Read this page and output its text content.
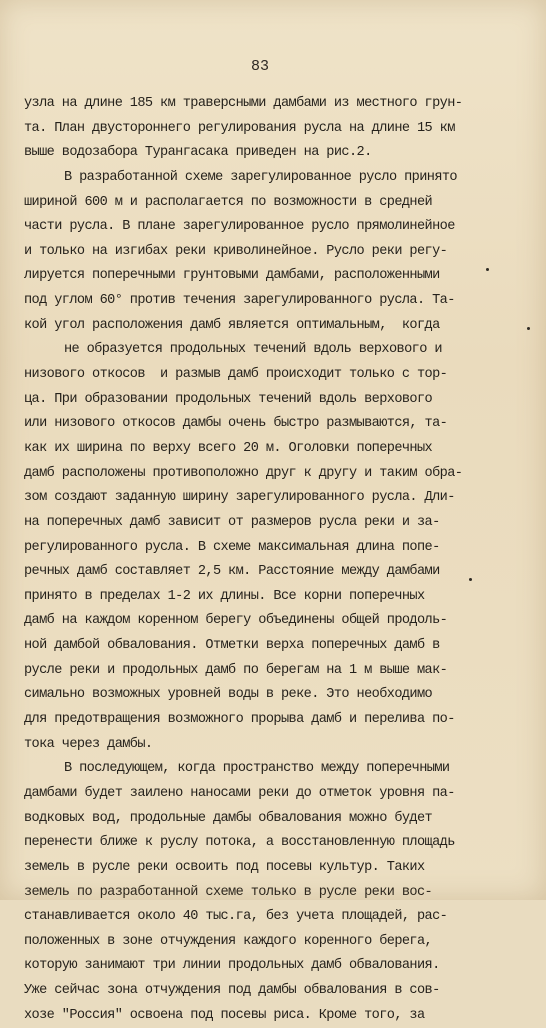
83
узла на длине 185 км траверсными дамбами из местного грун-
та. План двустороннего регулирования русла на длине 15 км
выше водозабора Турангасака приведен на рис.2.
В разработанной схеме зарегулированное русло принято
шириной 600 м и располагается по возможности в средней
части русла. В плане зарегулированное русло прямолинейное
и только на изгибах реки криволинейное. Русло реки регу-
лируется поперечными грунтовыми дамбами, расположенными
под углом 60° против течения зарегулированного русла. Та-
кой угол расположения дамб является оптимальным,  когда
не образуется продольных течений вдоль верхового и
низового откосов  и размыв дамб происходит только с тор-
ца. При образовании продольных течений вдоль верхового
или низового откосов дамбы очень быстро размываются, та-
как их ширина по верху всего 20 м. Оголовки поперечных
дамб расположены противоположно друг к другу и таким обра-
зом создают заданную ширину зарегулированного русла. Дли-
на поперечных дамб зависит от размеров русла реки и за-
регулированного русла. В схеме максимальная длина попе-
речных дамб составляет 2,5 км. Расстояние между дамбами
принято в пределах 1-2 их длины. Все корни поперечных
дамб на каждом коренном берегу объединены общей продоль-
ной дамбой обвалования. Отметки верха поперечных дамб в
русле реки и продольных дамб по берегам на 1 м выше мак-
симально возможных уровней воды в реке. Это необходимо
для предотвращения возможного прорыва дамб и перелива по-
тока через дамбы.
В последующем, когда пространство между поперечными
дамбами будет заилено наносами реки до отметок уровня па-
водковых вод, продольные дамбы обвалования можно будет
перенести ближе к руслу потока, а восстановленную площадь
земель в русле реки освоить под посевы культур. Таких
земель по разработанной схеме только в русле реки вос-
станавливается около 40 тыс.га, без учета площадей, рас-
положенных в зоне отчуждения каждого коренного берега,
которую занимают три линии продольных дамб обвалования.
Уже сейчас зона отчуждения под дамбы обвалования в сов-
хозе "Россия" освоена под посевы риса. Кроме того, за
